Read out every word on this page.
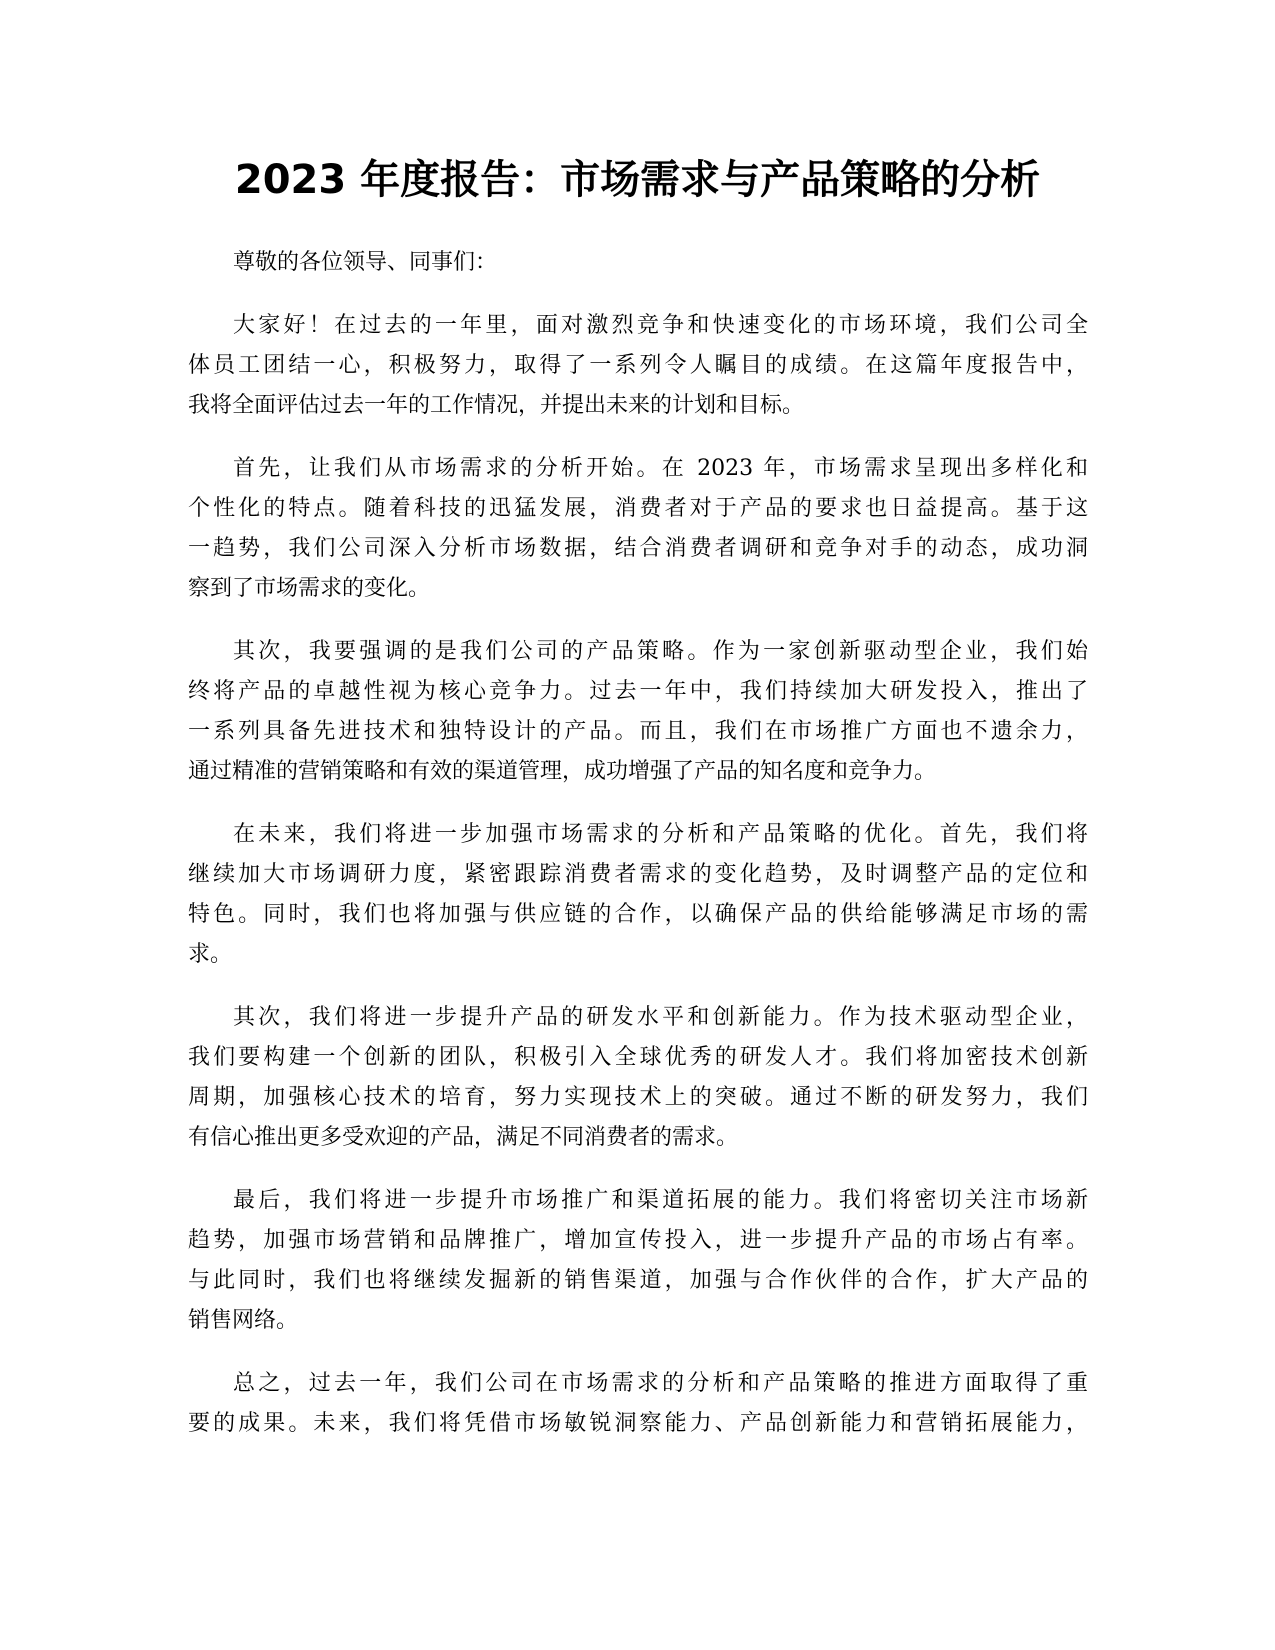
2023 年度报告：市场需求与产品策略的分析

尊敬的各位领导、同事们：

大家好！在过去的一年里，面对激烈竞争和快速变化的市场环境，我们公司全
体员工团结一心，积极努力，取得了一系列令人瞩目的成绩。在这篇年度报告中，
我将全面评估过去一年的工作情况，并提出未来的计划和目标。

首先，让我们从市场需求的分析开始。在 2023 年，市场需求呈现出多样化和
个性化的特点。随着科技的迅猛发展，消费者对于产品的要求也日益提高。基于这
一趋势，我们公司深入分析市场数据，结合消费者调研和竞争对手的动态，成功洞
察到了市场需求的变化。

其次，我要强调的是我们公司的产品策略。作为一家创新驱动型企业，我们始
终将产品的卓越性视为核心竞争力。过去一年中，我们持续加大研发投入，推出了
一系列具备先进技术和独特设计的产品。而且，我们在市场推广方面也不遗余力，
通过精准的营销策略和有效的渠道管理，成功增强了产品的知名度和竞争力。

在未来，我们将进一步加强市场需求的分析和产品策略的优化。首先，我们将
继续加大市场调研力度，紧密跟踪消费者需求的变化趋势，及时调整产品的定位和
特色。同时，我们也将加强与供应链的合作，以确保产品的供给能够满足市场的需
求。

其次，我们将进一步提升产品的研发水平和创新能力。作为技术驱动型企业，
我们要构建一个创新的团队，积极引入全球优秀的研发人才。我们将加密技术创新
周期，加强核心技术的培育，努力实现技术上的突破。通过不断的研发努力，我们
有信心推出更多受欢迎的产品，满足不同消费者的需求。

最后，我们将进一步提升市场推广和渠道拓展的能力。我们将密切关注市场新
趋势，加强市场营销和品牌推广，增加宣传投入，进一步提升产品的市场占有率。
与此同时，我们也将继续发掘新的销售渠道，加强与合作伙伴的合作，扩大产品的
销售网络。

总之，过去一年，我们公司在市场需求的分析和产品策略的推进方面取得了重
要的成果。未来，我们将凭借市场敏锐洞察能力、产品创新能力和营销拓展能力，
